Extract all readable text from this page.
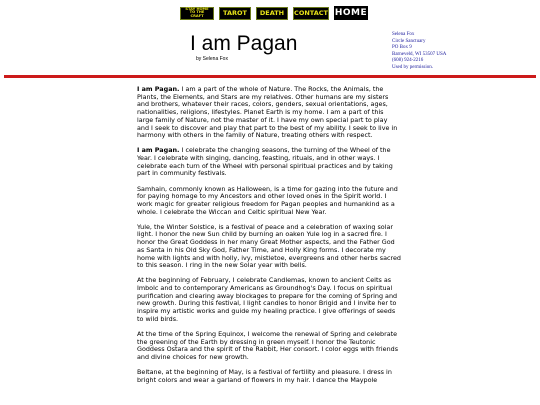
STAY HOME TO THE CRAFT	TAROT	DEATH	CONTACT HOME
I am Pagan
by Selena Fox
Selena Fox
Circle Sanctuary
PO Box 9
Barneveld, WI 53507 USA
(608) 924-2216
Used by permission.

I am Pagan. I am a part of the whole of Nature. The Rocks, the Animals, the Plants, the Elements, and Stars are my relatives. Other humans are my sisters and brothers, whatever their races, colors, genders, sexual orientations, ages, nationalities, religions, lifestyles. Planet Earth is my home. I am a part of this large family of Nature, not the master of it. I have my own special part to play and I seek to discover and play that part to the best of my ability. I seek to live in harmony with others in the family of Nature, treating others with respect.

I am Pagan. I celebrate the changing seasons, the turning of the Wheel of the Year. I celebrate with singing, dancing, feasting, rituals, and in other ways. I celebrate each turn of the Wheel with personal spiritual practices and by taking part in community festivals.

Samhain, commonly known as Halloween, is a time for gazing into the future and for paying homage to my Ancestors and other loved ones in the Spirit world. I work magic for greater religious freedom for Pagan peoples and humankind as a whole. I celebrate the Wiccan and Celtic spiritual New Year.

Yule, the Winter Solstice, is a festival of peace and a celebration of waxing solar light. I honor the new Sun child by burning an oaken Yule log in a sacred fire. I honor the Great Goddess in her many Great Mother aspects, and the Father God as Santa in his Old Sky God, Father Time, and Holly King forms. I decorate my home with lights and with holly, ivy, mistletoe, evergreens and other herbs sacred to this season. I ring in the new Solar year with bells.

At the beginning of February, I celebrate Candlemas, known to ancient Celts as Imbolc and to contemporary Americans as Groundhog's Day. I focus on spiritual purification and clearing away blockages to prepare for the coming of Spring and new growth. During this festival, I light candles to honor Brigid and I invite her to inspire my artistic works and guide my healing practice. I give offerings of seeds to wild birds.

At the time of the Spring Equinox, I welcome the renewal of Spring and celebrate the greening of the Earth by dressing in green myself. I honor the Teutonic Goddess Ostara and the spirit of the Rabbit, Her consort. I color eggs with friends and divine choices for new growth.

Beltane, at the beginning of May, is a festival of fertility and pleasure. I dress in bright colors and wear a garland of flowers in my hair. I dance the Maypole
